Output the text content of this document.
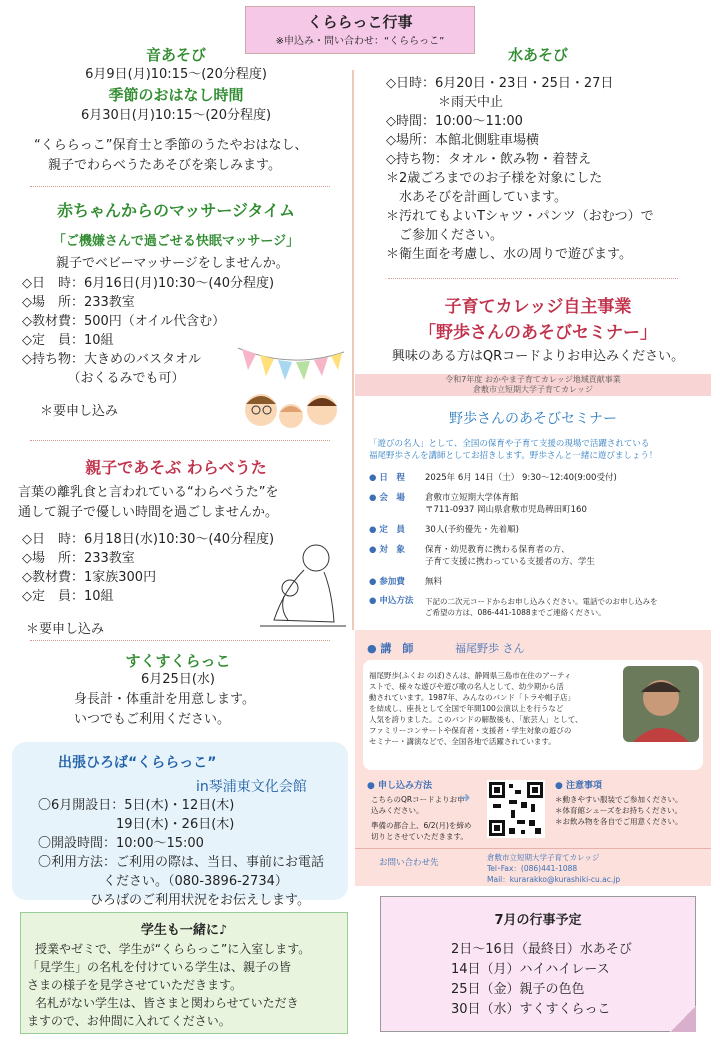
くららっこ行事
※申込み・問い合わせ：“くららっこ”
音あそび
6月9日(月)10:15～(20分程度)
季節のおはなし時間
6月30日(月)10:15～(20分程度)
“くららっこ”保育士と季節のうたやおはなし、
親子でわらべうたあそびを楽しみます。
赤ちゃんからのマッサージタイム
「ご機嫌さんで過ごせる快眠マッサージ」
親子でベビーマッサージをしませんか。
◇日　時：6月16日(月)10:30～(40分程度)
◇場　所：233教室
◇教材費：500円（オイル代含む）
◇定　員：10組
◇持ち物：大きめのバスタオル
　　　　（おくるみでも可）
＊要申し込み
親子であそぶ わらべうた
言葉の離乳食と言われている“わらべうた”を
通して親子で優しい時間を過ごしませんか。
◇日　時：6月18日(水)10:30～(40分程度)
◇場　所：233教室
◇教材費：1家族300円
◇定　員：10組
＊要申し込み
すくすくらっこ
6月25日(水)
身長計・体重計を用意します。
いつでもご利用ください。
出張ひろば“くららっこ”
in琴浦東文化会館
〇6月開設日：5日(木)・12日(木)
　　　　　　19日(木)・26日(木)
〇開設時間：10:00～15:00
〇利用方法：ご利用の際は、当日、事前にお電話
　　　　　ください。（080-3896-2734）
　　　　ひろばのご利用状況をお伝えします。
学生も一緒に♪
授業やゼミで、学生が“くららっこ”に入室します。
「見学生」の名札を付けている学生は、親子の皆
さまの様子を見学させていただきます。
名札がない学生は、皆さまと関わらせていただき
ますので、お仲間に入れてください。
水あそび
◇日時：6月20日・23日・25日・27日
　　　　＊雨天中止
◇時間：10:00～11:00
◇場所：本館北側駐車場横
◇持ち物：タオル・飲み物・着替え
＊2歳ごろまでのお子様を対象にした
　水あそびを計画しています。
＊汚れてもよいTシャツ・パンツ（おむつ）で
　ご参加ください。
＊衛生面を考慮し、水の周りで遊びます。
子育てカレッジ自主事業
「野歩さんのあそびセミナー」
興味のある方はQRコードよりお申込みください。
令和7年度 おかやま子育てカレッジ地域貢献事業
倉敷市立短期大学子育てカレッジ
野歩さんのあそびセミナー
「遊びの名人」として、全国の保育や子育て支援の現場で活躍されている
福尾野歩さんを講師としてお招きします。野歩さんと一緒に遊びましょう！
● 日　程	2025年 6月 14日（土） 9:30～12:40(9:00受付)
● 会　場	倉敷市立短期大学体育館
〒711-0937 岡山県倉敷市児島稗田町160
● 定　員	30人(予約優先・先着順)
● 対　象	保育・幼児教育に携わる保育者の方、
子育て支援に携わっている支援者の方、学生
● 参加費	無料
● 申込方法	下記の二次元コードからお申し込みください。電話でのお申し込みを
ご希望の方は、086-441-1088までご連絡ください。
● 講　師	福尾野歩 さん
福尾野歩(ふくお のぼ)さんは、静岡県三島市在住のアーティ
ストで、様々な遊びや遊び歌の名人として、幼少期から活
動されています。1987年、みんなのバンド「トラや帽子店」
を結成し、座長として全国で年間100公演以上を行うなど
人気を誇りました。このバンドの解散後も、「旅芸人」として、
ファミリーコンサートや保育者・支援者・学生対象の遊びの
セミナー・講演などで、全国各地で活躍されています。
● 申し込み方法
こちらのQRコードよりお申
込みください。
➜
準備の都合上、6/2(月)を締め
切りとさせていただきます。
● 注意事項
＊動きやすい服装でご参加ください。
＊体育館シューズをお持ちください。
＊お飲み物を各自でご用意ください。
お問い合わせ先
倉敷市立短期大学子育てカレッジ
Tel･Fax：(086)441-1088
Mail：kurarakko@kurashiki-cu.ac.jp
7月の行事予定
2日～16日（最終日）水あそび
14日（月）ハイハイレース
25日（金）親子の色色
30日（水）すくすくらっこ
